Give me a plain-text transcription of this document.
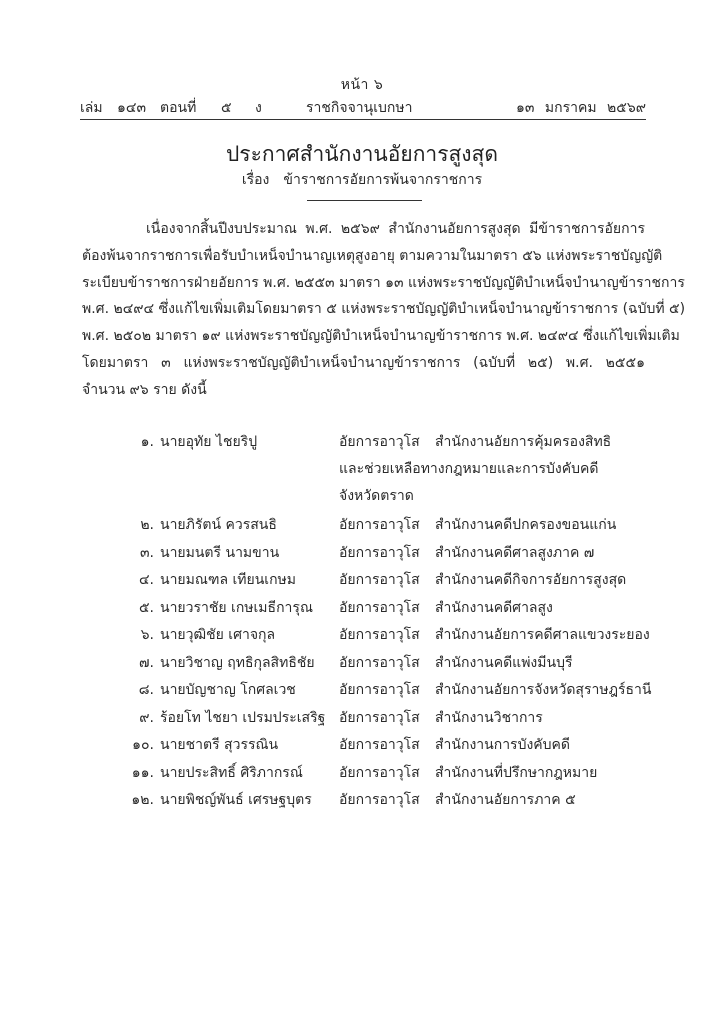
หน้า ๖
เล่ม ๑๔๓ ตอนที่ ๕ ง	ราชกิจจานุเบกษา	๑๓ มกราคม ๒๕๖๙
ประกาศสำนักงานอัยการสูงสุด
เรื่อง ข้าราชการอัยการพ้นจากราชการ
เนื่องจากสิ้นปีงบประมาณ พ.ศ. ๒๕๖๙ สำนักงานอัยการสูงสุด มีข้าราชการอัยการ
ต้องพ้นจากราชการเพื่อรับบำเหน็จบำนาญเหตุสูงอายุ ตามความในมาตรา ๕๖ แห่งพระราชบัญญัติ
ระเบียบข้าราชการฝ่ายอัยการ พ.ศ. ๒๕๕๓ มาตรา ๑๓ แห่งพระราชบัญญัติบำเหน็จบำนาญข้าราชการ
พ.ศ. ๒๔๙๔ ซึ่งแก้ไขเพิ่มเติมโดยมาตรา ๕ แห่งพระราชบัญญัติบำเหน็จบำนาญข้าราชการ (ฉบับที่ ๕)
พ.ศ. ๒๕๐๒ มาตรา ๑๙ แห่งพระราชบัญญัติบำเหน็จบำนาญข้าราชการ พ.ศ. ๒๔๙๔ ซึ่งแก้ไขเพิ่มเติม
โดยมาตรา ๓ แห่งพระราชบัญญัติบำเหน็จบำนาญข้าราชการ (ฉบับที่ ๒๕) พ.ศ. ๒๕๕๑
จำนวน ๙๖ ราย ดังนี้
๑. นายอุทัย ไชยริปู	อัยการอาวุโส สำนักงานอัยการคุ้มครองสิทธิ
และช่วยเหลือทางกฎหมายและการบังคับคดี
จังหวัดตราด
๒. นายภิรัตน์ ควรสนธิ	อัยการอาวุโส สำนักงานคดีปกครองขอนแก่น
๓. นายมนตรี นามขาน	อัยการอาวุโส สำนักงานคดีศาลสูงภาค ๗
๔. นายมณฑล เทียนเกษม	อัยการอาวุโส สำนักงานคดีกิจการอัยการสูงสุด
๕. นายวราชัย เกษเมธีการุณ อัยการอาวุโส สำนักงานคดีศาลสูง
๖. นายวุฒิชัย เศาจกุล	อัยการอาวุโส สำนักงานอัยการคดีศาลแขวงระยอง
๗. นายวิชาญ ฤทธิกุลสิทธิชัย อัยการอาวุโส สำนักงานคดีแพ่งมีนบุรี
๘. นายบัญชาญ โกศลเวช	อัยการอาวุโส สำนักงานอัยการจังหวัดสุราษฎร์ธานี
๙. ร้อยโท ไชยา เปรมประเสริฐ อัยการอาวุโส สำนักงานวิชาการ
๑๐. นายชาตรี สุวรรณิน	อัยการอาวุโส สำนักงานการบังคับคดี
๑๑. นายประสิทธิ์ ศิริภากรณ์	อัยการอาวุโส สำนักงานที่ปรึกษากฎหมาย
๑๒. นายพิชญ์พันธ์ เศรษฐบุตร อัยการอาวุโส สำนักงานอัยการภาค ๕
